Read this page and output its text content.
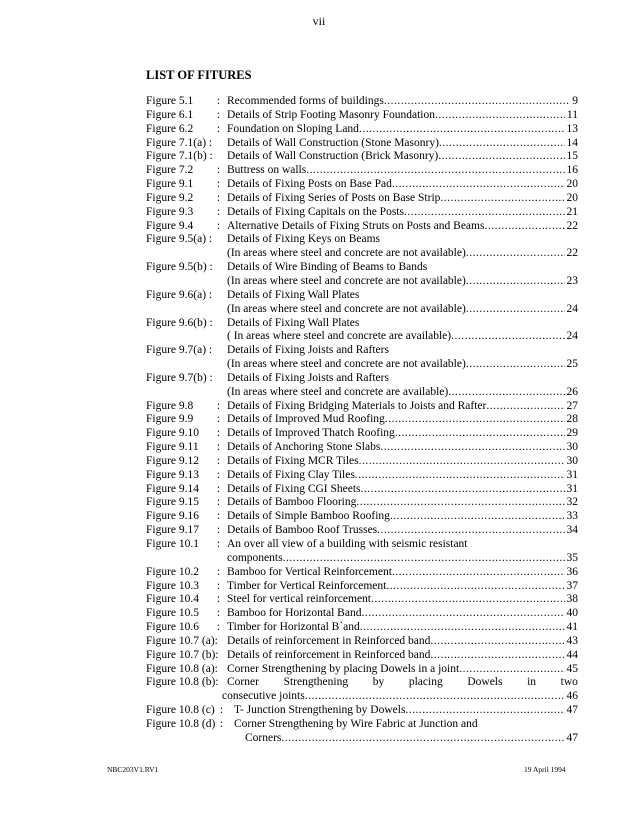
vii
LIST OF FITURES
Figure 5.1	: Recommended forms of buildings .....	9
Figure 6.1	: Details of Strip Footing Masonry Foundation .....	11
Figure 6.2	: Foundation on Sloping Land .....	13
Figure 7.1(a) :	Details of Wall Construction (Stone Masonry) .....	14
Figure 7.1(b) :	Details of Wall Construction (Brick Masonry) .....	15
Figure 7.2	: Buttress on walls .....	16
Figure 9.1	: Details of Fixing Posts on Base Pad .....	20
Figure 9.2	: Details of Fixing Series of Posts on Base Strip .....	20
Figure 9.3	: Details of Fixing Capitals on the Posts .....	21
Figure 9.4	: Alternative Details of Fixing Struts on Posts and Beams .....	22
Figure 9.5(a) :	Details of Fixing Keys on Beams
(In areas where steel and concrete are not available) .....	22
Figure 9.5(b) :	Details of Wire Binding of Beams to Bands
(In areas where steel and concrete are not available) .....	23
Figure 9.6(a) :	Details of Fixing Wall Plates
(In areas where steel and concrete are not available) .....	24
Figure 9.6(b) :	Details of Fixing Wall Plates
( In areas where steel and concrete are available) .....	24
Figure 9.7(a) :	Details of Fixing Joists and Rafters
(In areas where steel and concrete are not available) .....	25
Figure 9.7(b) :	Details of Fixing Joists and Rafters
(In areas where steel and concrete are available) .....	26
Figure 9.8	: Details of Fixing Bridging Materials to Joists and Rafter .....	27
Figure 9.9	: Details of Improved Mud Roofing .....	28
Figure 9.10	: Details of Improved Thatch Roofing .....	29
Figure 9.11	: Details of Anchoring Stone Slabs .....	30
Figure 9.12	: Details of Fixing MCR Tiles .....	30
Figure 9.13	: Details of Fixing Clay Tiles .....	31
Figure 9.14	: Details of Fixing CGI Sheets .....	31
Figure 9.15	: Details of Bamboo Flooring .....	32
Figure 9.16	: Details of Simple Bamboo Roofing .....	33
Figure 9.17	: Details of Bamboo Roof Trusses .....	34
Figure 10.1	: An over all view of a building with seismic resistant
components .....	35
Figure 10.2	: Bamboo for Vertical Reinforcement .....	36
Figure 10.3	: Timber for Vertical Reinforcement .....	37
Figure 10.4	: Steel for vertical reinforcement .....	38
Figure 10.5	: Bamboo for Horizontal Band .....	40
Figure 10.6	: Timber for Horizontal B`and .....	41
Figure 10.7 (a): Details of reinforcement in Reinforced band .....	43
Figure 10.7 (b): Details of reinforcement in Reinforced band .....	44
Figure 10.8 (a): Corner Strengthening by placing Dowels in a joint .....	45
Figure 10.8 (b): Corner Strengthening by placing Dowels in two
consecutive joints .....	46
Figure 10.8 (c) : T- Junction Strengthening by Dowels .....	47
Figure 10.8 (d) : Corner Strengthening by Wire Fabric at Junction and
Corners .....	47
NBC203V1.RV1	19 April 1994
